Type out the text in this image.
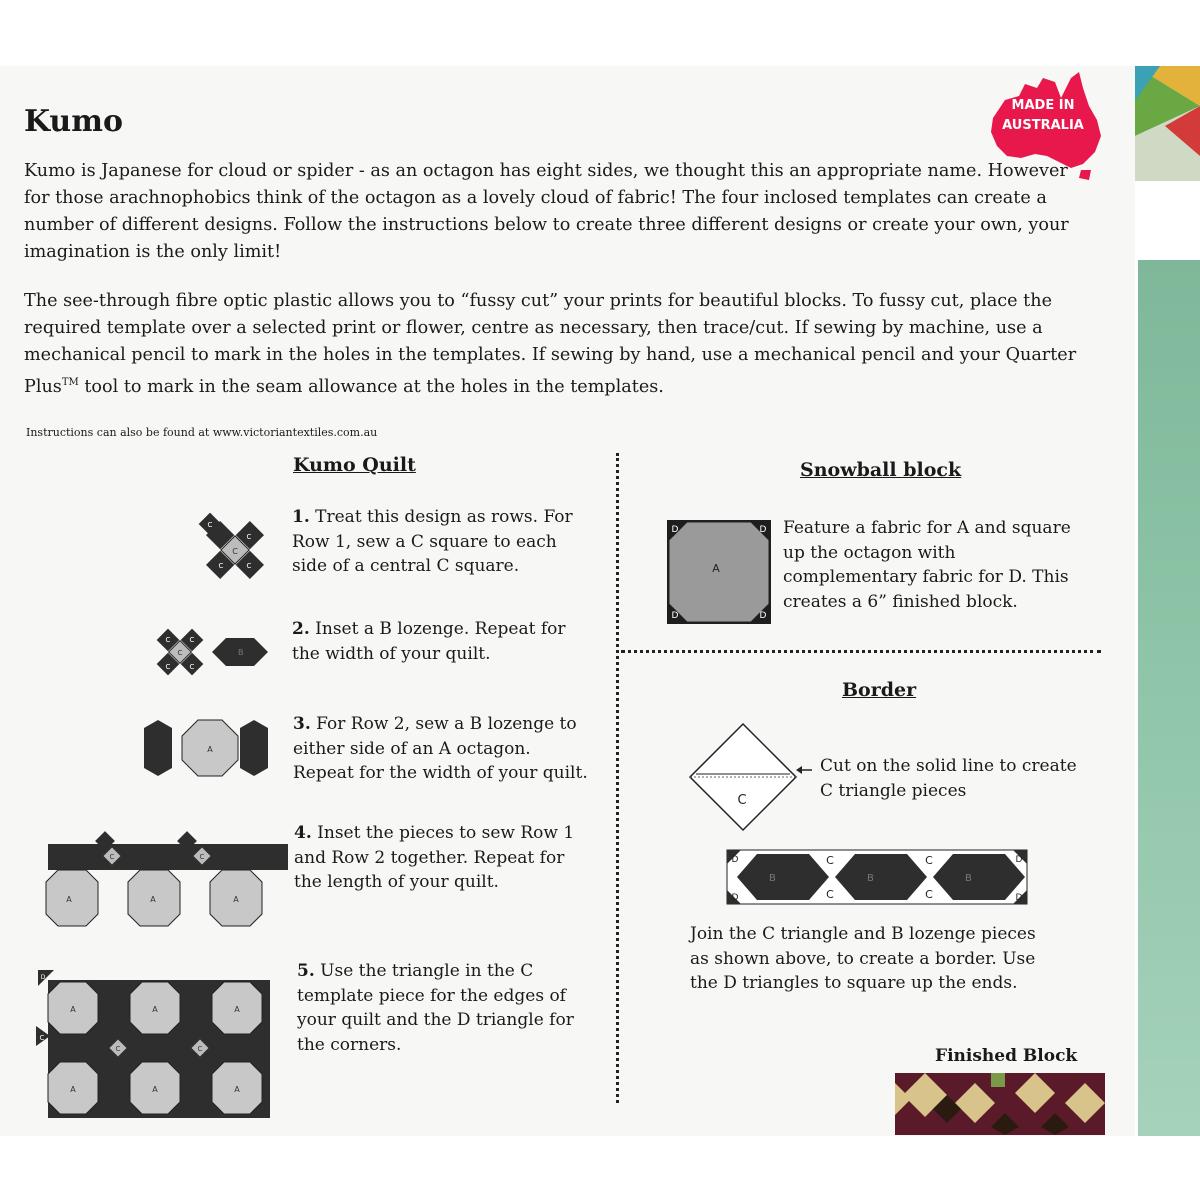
Kumo	MADE IN
AUSTRALIA

Kumo is Japanese for cloud or spider - as an octagon has eight sides, we thought this an appropriate name. However for those arachnophobics think of the octagon as a lovely cloud of fabric! The four inclosed templates can create a number of different designs. Follow the instructions below to create three different designs or create your own, your imagination is the only limit!

The see-through fibre optic plastic allows you to “fussy cut” your prints for beautiful blocks. To fussy cut, place the required template over a selected print or flower, centre as necessary, then trace/cut. If sewing by machine, use a mechanical pencil to mark in the holes in the templates. If sewing by hand, use a mechanical pencil and your Quarter Plus™ tool to mark in the seam allowance at the holes in the templates.

Instructions can also be found at www.victoriantextiles.com.au

Kumo Quilt
C
C
C	C
C

1. Treat this design as rows. For Row 1, sew a C square to each side of a central C square.

B
C
C	C
C	C

2. Inset a B lozenge. Repeat for the width of your quilt.

A

3. For Row 2, sew a B lozenge to either side of an A octagon. Repeat for the width of your quilt.

A	A	A
C	C

4. Inset the pieces to sew Row 1 and Row 2 together. Repeat for the length of your quilt.

A	A	A
A	A	A
C	C
C
D	5. Use the triangle in the C template piece for the edges of your quilt and the D triangle for the corners.

Snowball block
A
D	D
D	D

Feature a fabric for A and square up the octagon with complementary fabric for D. This creates a 6” finished block.

Border
C

Cut on the solid line to create C triangle pieces

B	B	B
C
C
C
C
D
D
D
D

Join the C triangle and B lozenge pieces as shown above, to create a border. Use the D triangles to square up the ends.

Finished Block
